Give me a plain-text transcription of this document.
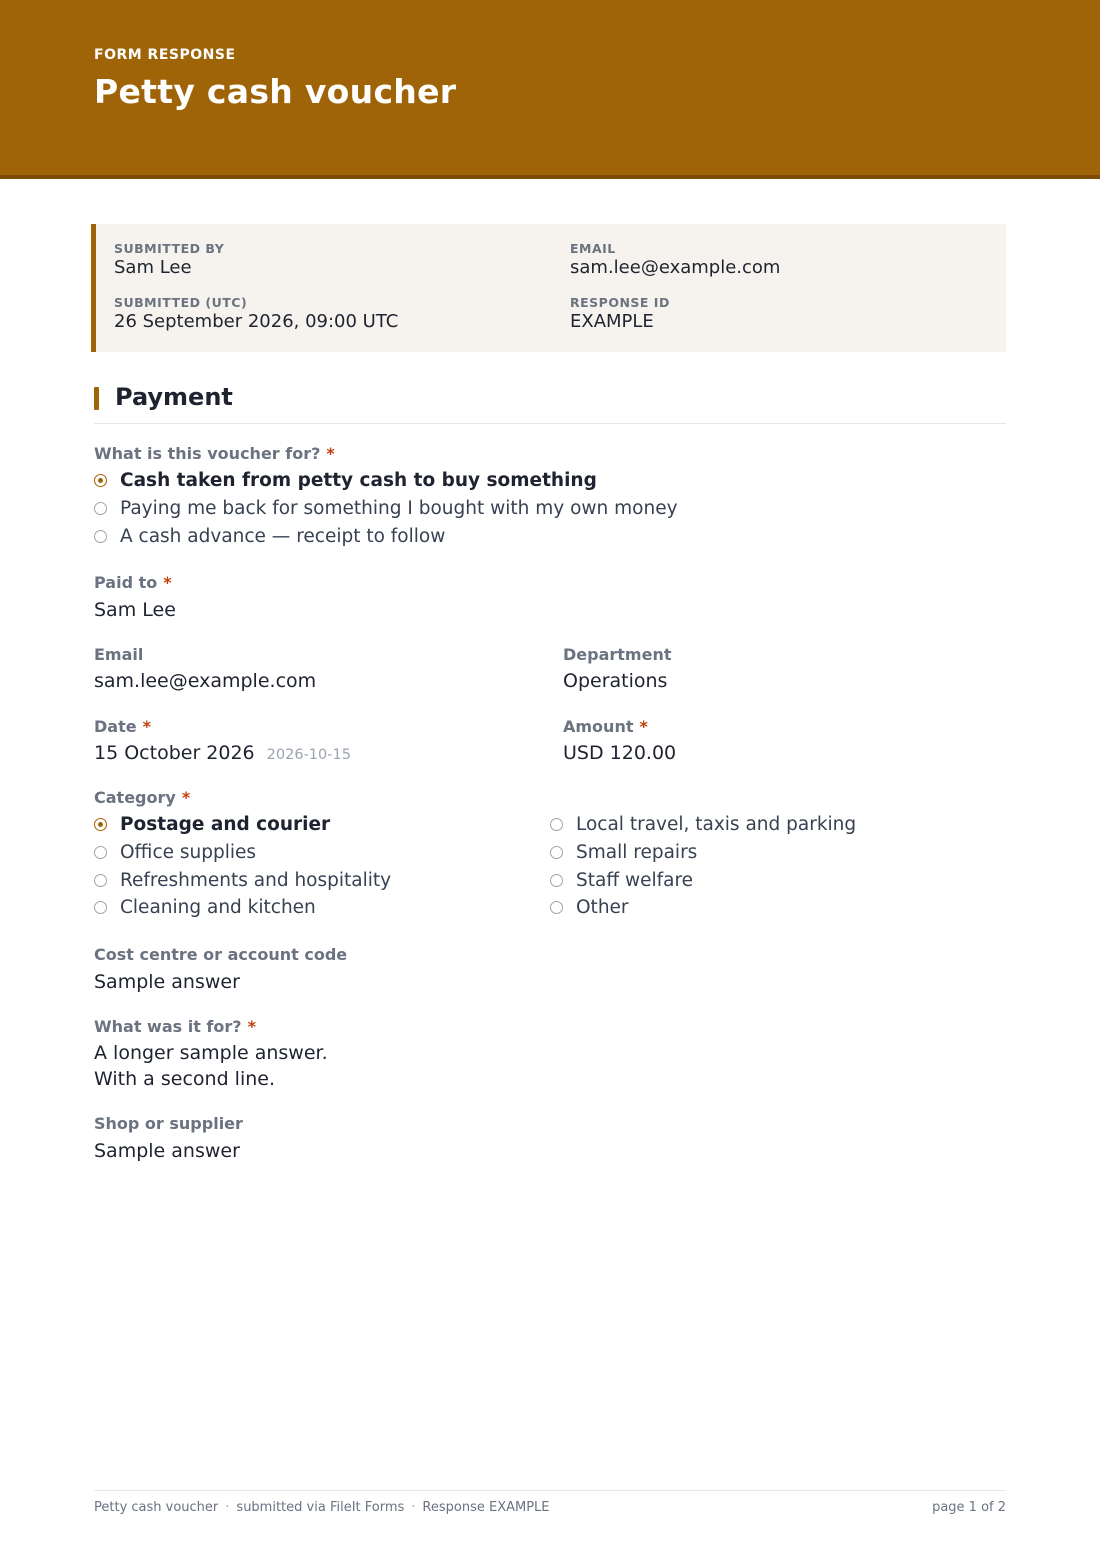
FORM RESPONSE
Petty cash voucher
SUBMITTED BY
Sam Lee
EMAIL
sam.lee@example.com
SUBMITTED (UTC)
26 September 2026, 09:00 UTC
RESPONSE ID
EXAMPLE
Payment
What is this voucher for? *
Cash taken from petty cash to buy something
Paying me back for something I bought with my own money
A cash advance — receipt to follow
Paid to *
Sam Lee
Email
sam.lee@example.com
Department
Operations
Date *
15 October 2026 2026-10-15
Amount *
USD 120.00
Category *
Postage and courier
Office supplies
Refreshments and hospitality
Cleaning and kitchen
Local travel, taxis and parking
Small repairs
Staff welfare
Other
Cost centre or account code
Sample answer
What was it for? *
A longer sample answer.
With a second line.
Shop or supplier
Sample answer
Petty cash voucher · submitted via FileIt Forms · Response EXAMPLE	page 1 of 2
